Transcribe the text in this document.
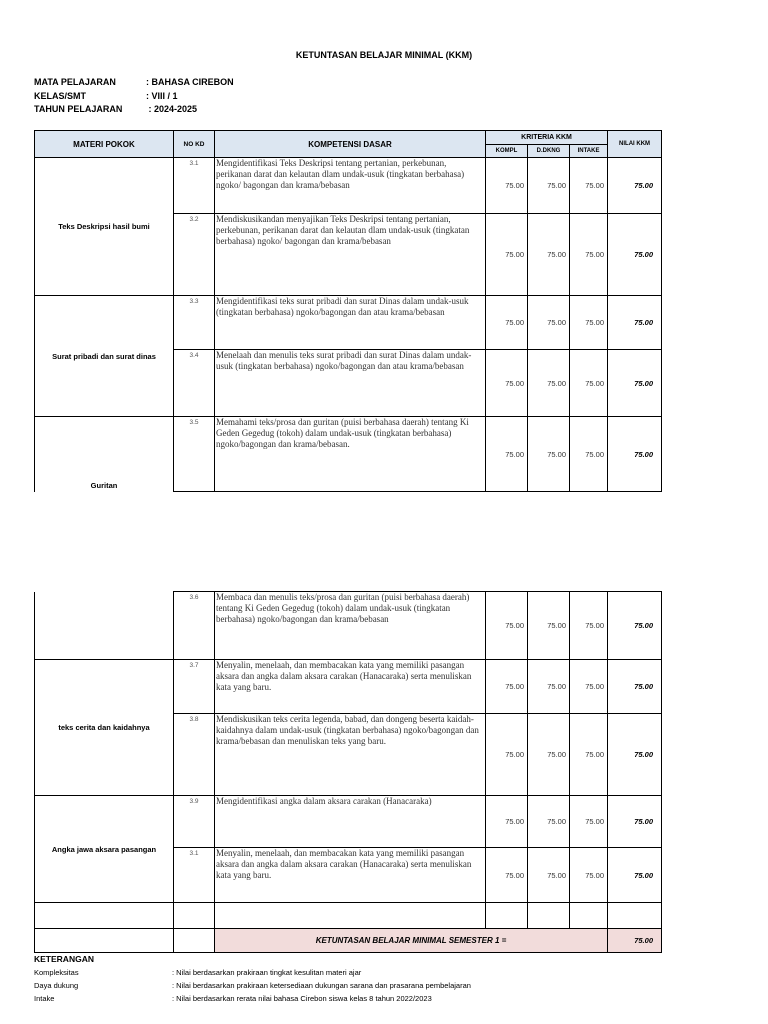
KETUNTASAN BELAJAR MINIMAL (KKM)
MATA PELAJARAN	: BAHASA CIREBON
KELAS/SMT	: VIII / 1
TAHUN PELAJARAN	: 2024-2025
MATERI POKOK	NO KD	KOMPETENSI DASAR	KRITERIA KKM			NILAI KKM
			KOMPL	D.DKNG	INTAKE	
Teks Deskripsi hasil bumi	3.1	Mengidentifikasi Teks Deskripsi tentang pertanian, perkebunan, perikanan darat dan kelautan dlam undak-usuk (tingkatan berbahasa) ngoko/ bagongan dan krama/bebasan	75.00	75.00	75.00	75.00
	3.2	Mendiskusikandan menyajikan Teks Deskripsi tentang pertanian, perkebunan, perikanan darat dan kelautan dlam undak-usuk (tingkatan berbahasa) ngoko/ bagongan dan krama/bebasan	75.00	75.00	75.00	75.00
Surat pribadi dan surat dinas	3.3	Mengidentifikasi teks surat pribadi dan surat Dinas dalam undak-usuk (tingkatan berbahasa) ngoko/bagongan dan atau krama/bebasan	75.00	75.00	75.00	75.00
	3.4	Menelaah dan menulis teks surat pribadi dan surat Dinas dalam undak-usuk (tingkatan berbahasa) ngoko/bagongan dan atau krama/bebasan	75.00	75.00	75.00	75.00
Guritan	3.5	Memahami teks/prosa dan guritan (puisi berbahasa daerah) tentang Ki Geden Gegedug (tokoh) dalam undak-usuk (tingkatan berbahasa) ngoko/bagongan dan krama/bebasan.	75.00	75.00	75.00	75.00
	3.6	Membaca dan menulis teks/prosa dan guritan (puisi berbahasa daerah) tentang Ki Geden Gegedug (tokoh) dalam undak-usuk (tingkatan berbahasa) ngoko/bagongan dan krama/bebasan	75.00	75.00	75.00	75.00
teks cerita dan kaidahnya	3.7	Menyalin, menelaah, dan membacakan kata yang memiliki pasangan aksara dan angka dalam aksara carakan (Hanacaraka) serta menuliskan kata yang baru.	75.00	75.00	75.00	75.00
	3.8	Mendiskusikan teks cerita legenda, babad, dan dongeng beserta kaidah-kaidahnya dalam undak-usuk (tingkatan berbahasa) ngoko/bagongan dan krama/bebasan dan menuliskan teks yang baru.	75.00	75.00	75.00	75.00
Angka jawa aksara pasangan	3.9	Mengidentifikasi angka dalam aksara carakan (Hanacaraka)	75.00	75.00	75.00	75.00
	3.1	Menyalin, menelaah, dan membacakan kata yang memiliki pasangan aksara dan angka dalam aksara carakan (Hanacaraka) serta menuliskan kata yang baru.	75.00	75.00	75.00	75.00

		KETUNTASAN BELAJAR MINIMAL SEMESTER 1 =				75.00
KETERANGAN
Kompleksitas	: Nilai berdasarkan prakiraan tingkat kesulitan materi ajar
Daya dukung	: Nilai berdasarkan prakiraan ketersediaan dukungan sarana dan prasarana pembelajaran
Intake	: Nilai berdasarkan rerata nilai bahasa Cirebon siswa kelas 8 tahun 2022/2023
